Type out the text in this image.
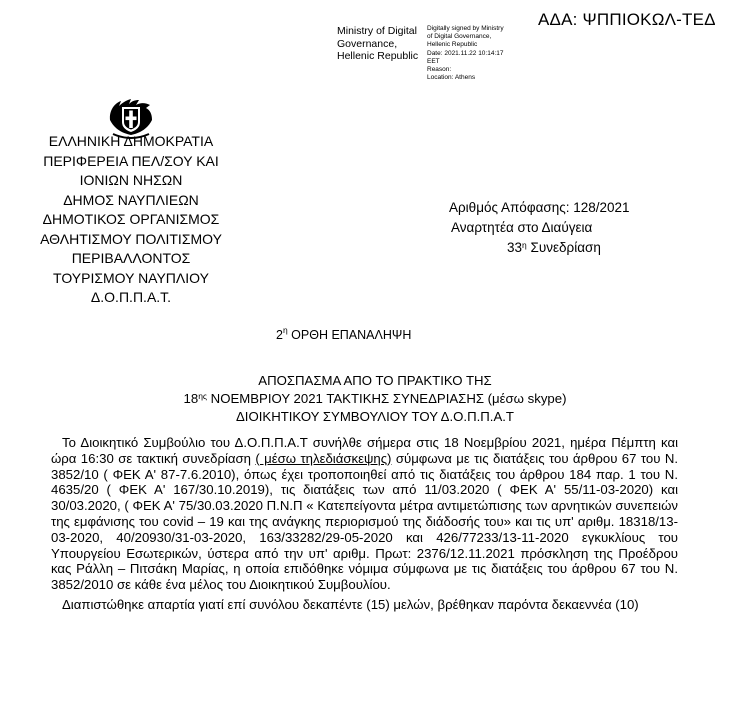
ΑΔΑ: ΨΠΠΙΟΚΩΛ-ΤΕΔ
Ministry of Digital
Governance,
Hellenic Republic
Digitally signed by Ministry
of Digital Governance,
Hellenic Republic
Date: 2021.11.22 10:14:17
EET
Reason:
Location: Athens
ΕΛΛΗΝΙΚΗ ΔΗΜΟΚΡΑΤΙΑ
ΠΕΡΙΦΕΡΕΙΑ ΠΕΛ/ΣΟΥ ΚΑΙ
ΙΟΝΙΩΝ ΝΗΣΩΝ
ΔΗΜΟΣ ΝΑΥΠΛΙΕΩΝ
ΔΗΜΟΤΙΚΟΣ ΟΡΓΑΝΙΣΜΟΣ
ΑΘΛΗΤΙΣΜΟΥ ΠΟΛΙΤΙΣΜΟΥ
ΠΕΡΙΒΑΛΛΟΝΤΟΣ
ΤΟΥΡΙΣΜΟΥ ΝΑΥΠΛΙΟΥ
Δ.Ο.Π.Π.Α.Τ.
Αριθμός Απόφασης: 128/2021
Αναρτητέα στο Διαύγεια
$33^\eta$ Συνεδρίαση
$2^\eta$ ΟΡΘΗ ΕΠΑΝΑΛΗΨΗ
ΑΠΟΣΠΑΣΜΑ ΑΠΟ ΤΟ ΠΡΑΚΤΙΚΟ ΤΗΣ
$18^{\eta\varsigma}$ ΝΟΕΜΒΡΙΟΥ 2021 ΤΑΚΤΙΚΗΣ ΣΥΝΕΔΡΙΑΣΗΣ (μέσω skype)
ΔΙΟΙΚΗΤΙΚΟΥ ΣΥΜΒΟΥΛΙΟΥ ΤΟΥ Δ.Ο.Π.Π.Α.Τ

Το Διοικητικό Συμβούλιο του Δ.Ο.Π.Π.Α.Τ συνήλθε σήμερα στις 18 Νοεμβρίου 2021, ημέρα Πέμπτη και ώρα 16:30 σε τακτική συνεδρίαση ( μέσω τηλεδιάσκεψης) σύμφωνα με τις διατάξεις του άρθρου 67 του Ν. 3852/10 ( ΦΕΚ Α' 87-7.6.2010), όπως έχει τροποποιηθεί από τις διατάξεις του άρθρου 184 παρ. 1 του Ν. 4635/20 ( ΦΕΚ Α' 167/30.10.2019), τις διατάξεις των από 11/03.2020 ( ΦΕΚ Α' 55/11-03-2020) και 30/03.2020, ( ΦΕΚ Α' 75/30.03.2020 Π.Ν.Π « Κατεπείγοντα μέτρα αντιμετώπισης των αρνητικών συνεπειών της εμφάνισης του covid – 19 και της ανάγκης περιορισμού της διάδοσής του» και τις υπ' αριθμ. 18318/13-03-2020, 40/20930/31-03-2020, 163/33282/29-05-2020 και 426/77233/13-11-2020 εγκυκλίους του Υπουργείου Εσωτερικών, ύστερα από την υπ' αριθμ. Πρωτ: 2376/12.11.2021 πρόσκληση της Προέδρου κας Ράλλη – Πιτσάκη Μαρίας, η οποία επιδόθηκε νόμιμα σύμφωνα με τις διατάξεις του άρθρου 67 του Ν. 3852/2010 σε κάθε ένα μέλος του Διοικητικού Συμβουλίου.

Διαπιστώθηκε απαρτία γιατί επί συνόλου δεκαπέντε (15) μελών, βρέθηκαν παρόντα δεκαεννέα (10)
